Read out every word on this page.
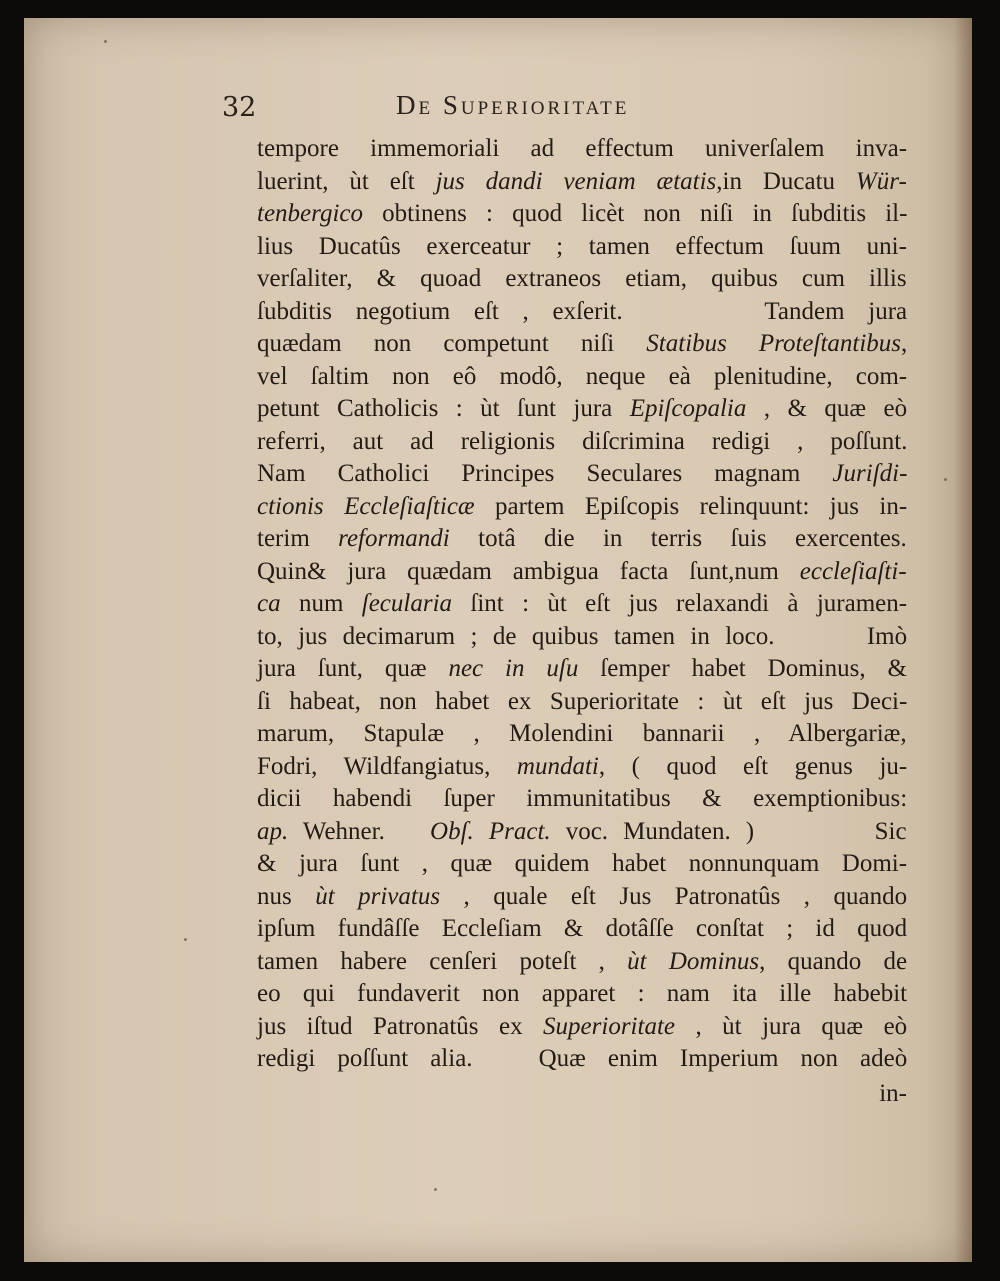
32	De Superioritate
tempore immemoriali ad effectum univerſalem inva-
luerint, ùt eſt jus dandi veniam ætatis,in Ducatu Wür-
tenbergico obtinens : quod licèt non niſi in ſubditis il-
lius Ducatûs exerceatur ; tamen effectum ſuum uni-
verſaliter, & quoad extraneos etiam, quibus cum illis
ſubditis negotium eſt , exſerit.      Tandem jura
quædam non competunt niſi Statibus Proteſtantibus,
vel ſaltim non eô modô, neque eà plenitudine, com-
petunt Catholicis : ùt ſunt jura Epiſcopalia , & quæ eò
referri, aut ad religionis diſcrimina redigi , poſſunt.
Nam Catholici Principes Seculares magnam Juriſdi-
ctionis Eccleſiaſticæ partem Epiſcopis relinquunt: jus in-
terim reformandi totâ die in terris ſuis exercentes.
Quin& jura quædam ambigua facta ſunt,num eccleſiaſti-
ca num ſecularia ſint : ùt eſt jus relaxandi à juramen-
to, jus decimarum ; de quibus tamen in loco.      Imò
jura ſunt, quæ nec in uſu ſemper habet Dominus, &
ſi habeat, non habet ex Superioritate : ùt eſt jus Deci-
marum, Stapulæ , Molendini bannarii , Albergariæ,
Fodri, Wildfangiatus, mundati, ( quod eſt genus ju-
dicii habendi ſuper immunitatibus & exemptionibus:
ap. Wehner.   Obſ. Pract. voc. Mundaten. )        Sic
& jura ſunt , quæ quidem habet nonnunquam Domi-
nus ùt privatus , quale eſt Jus Patronatûs , quando
ipſum fundâſſe Eccleſiam & dotâſſe conſtat ; id quod
tamen habere cenſeri poteſt , ùt Dominus, quando de
eo qui fundaverit non apparet : nam ita ille habebit
jus iſtud Patronatûs ex Superioritate , ùt jura quæ eò
redigi poſſunt alia.   Quæ enim Imperium non adeò
in-
